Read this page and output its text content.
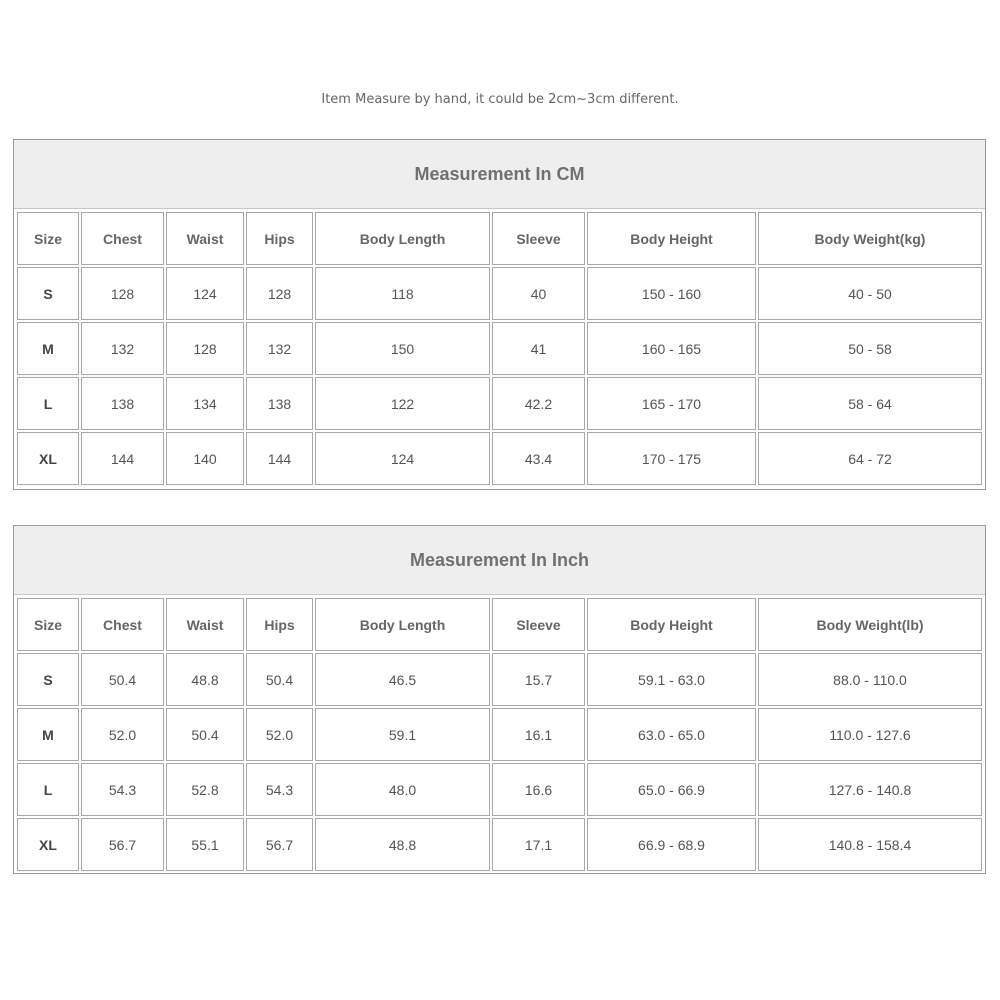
Item Measure by hand, it could be 2cm~3cm different.
Measurement In CM
Size	Chest	Waist	Hips	Body Length	Sleeve	Body Height	Body Weight(kg)
S	128	124	128	118	40	150 - 160	40 - 50
M	132	128	132	150	41	160 - 165	50 - 58
L	138	134	138	122	42.2	165 - 170	58 - 64
XL	144	140	144	124	43.4	170 - 175	64 - 72
Measurement In Inch
Size	Chest	Waist	Hips	Body Length	Sleeve	Body Height	Body Weight(lb)
S	50.4	48.8	50.4	46.5	15.7	59.1 - 63.0	88.0 - 110.0
M	52.0	50.4	52.0	59.1	16.1	63.0 - 65.0	110.0 - 127.6
L	54.3	52.8	54.3	48.0	16.6	65.0 - 66.9	127.6 - 140.8
XL	56.7	55.1	56.7	48.8	17.1	66.9 - 68.9	140.8 - 158.4
